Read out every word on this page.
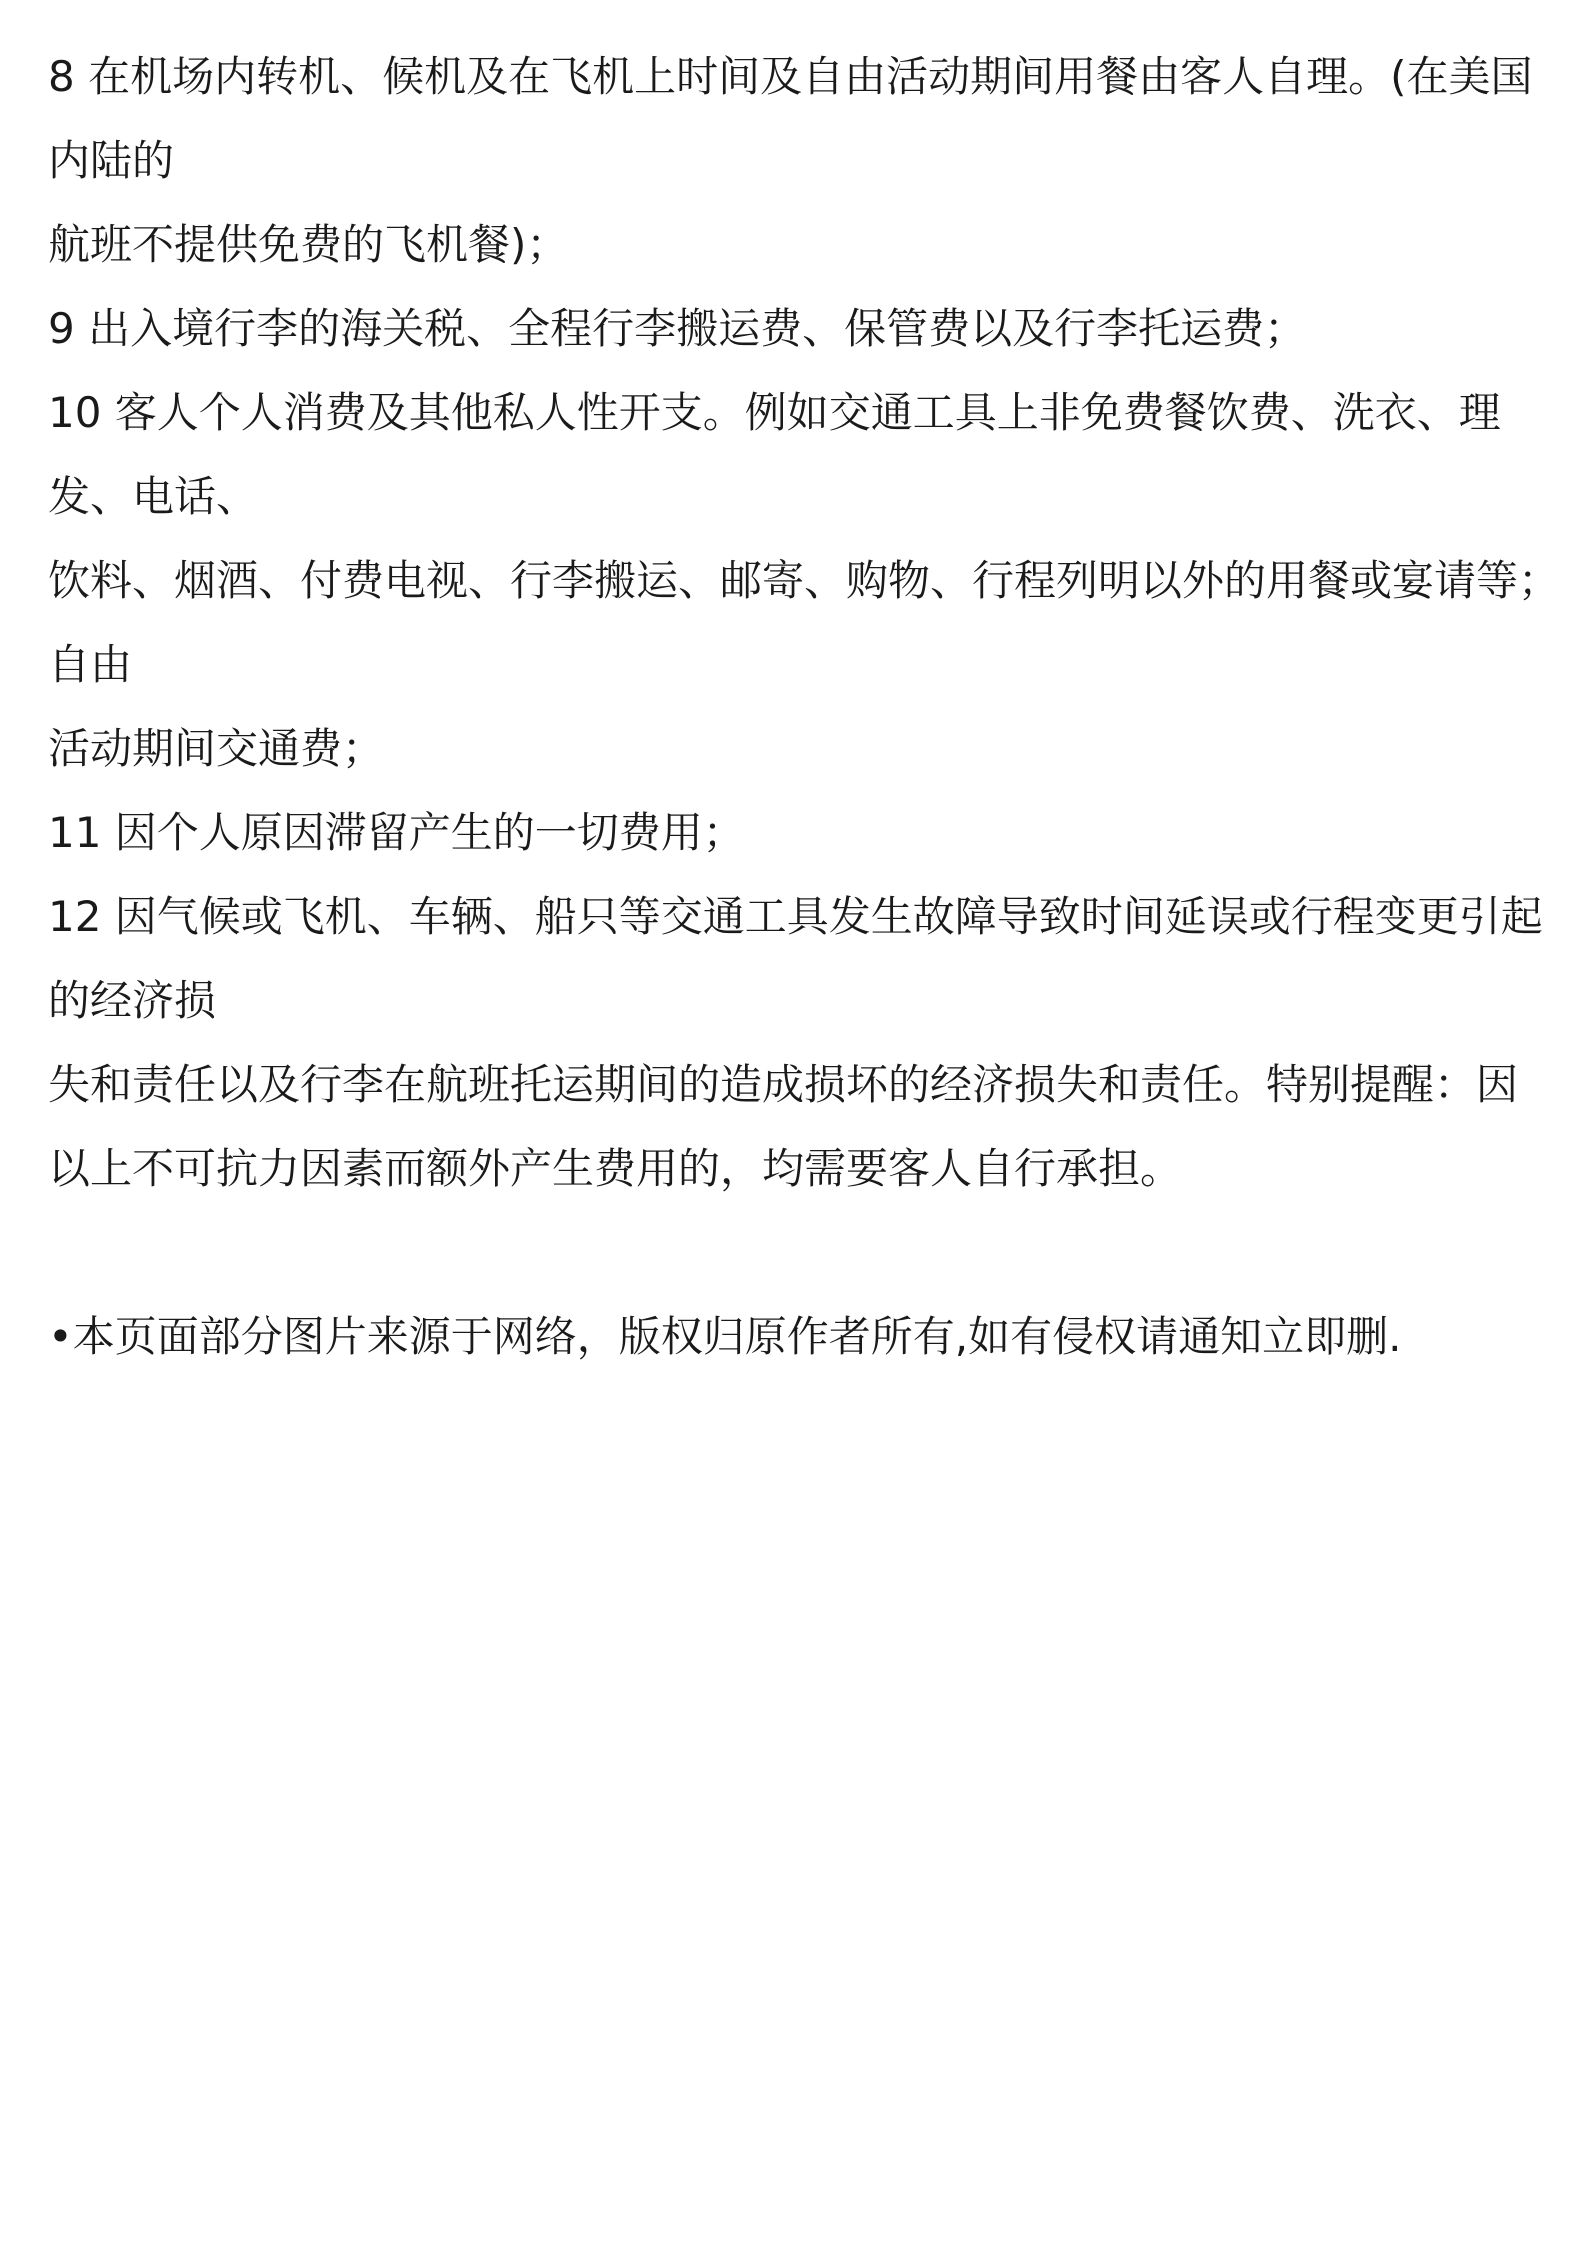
8 在机场内转机、候机及在飞机上时间及自由活动期间用餐由客人自理。(在美国
内陆的
航班不提供免费的飞机餐)；
9 出入境行李的海关税、全程行李搬运费、保管费以及行李托运费；
10 客人个人消费及其他私人性开支。例如交通工具上非免费餐饮费、洗衣、理
发、电话、
饮料、烟酒、付费电视、行李搬运、邮寄、购物、行程列明以外的用餐或宴请等；
自由
活动期间交通费；
11 因个人原因滞留产生的一切费用；
12 因气候或飞机、车辆、船只等交通工具发生故障导致时间延误或行程变更引起
的经济损
失和责任以及行李在航班托运期间的造成损坏的经济损失和责任。特别提醒：因
以上不可抗力因素而额外产生费用的，均需要客人自行承担。
•本页面部分图片来源于网络，版权归原作者所有,如有侵权请通知立即删.
